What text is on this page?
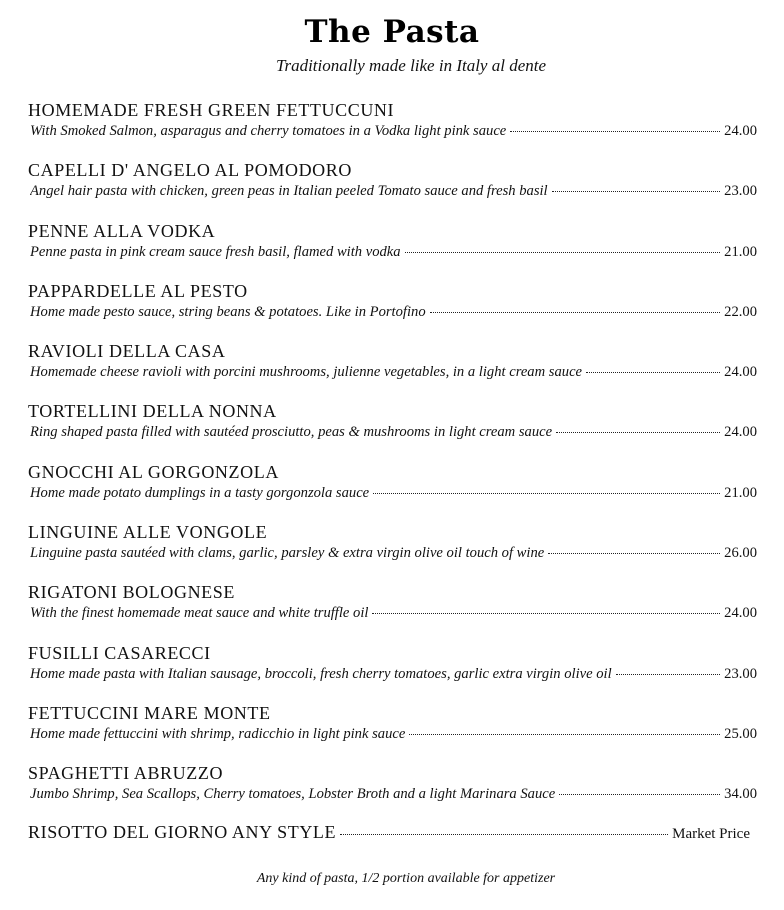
The Pasta
Traditionally made like in Italy al dente
HOMEMADE FRESH GREEN FETTUCCUNI
With Smoked Salmon, asparagus and cherry tomatoes in a Vodka light pink sauce	24.00
CAPELLI D' ANGELO AL POMODORO
Angel hair pasta with chicken, green peas in Italian peeled Tomato sauce and fresh basil	23.00
PENNE ALLA VODKA
Penne pasta in pink cream sauce fresh basil, flamed with vodka	21.00
PAPPARDELLE AL PESTO
Home made pesto sauce, string beans & potatoes. Like in Portofino	22.00
RAVIOLI DELLA CASA
Homemade cheese ravioli with porcini mushrooms, julienne vegetables, in a light cream sauce	24.00
TORTELLINI DELLA NONNA
Ring shaped pasta filled with sautéed prosciutto, peas & mushrooms in light cream sauce	24.00
GNOCCHI AL GORGONZOLA
Home made potato dumplings in a tasty gorgonzola sauce	21.00
LINGUINE ALLE VONGOLE
Linguine pasta sautéed with clams, garlic, parsley & extra virgin olive oil touch of wine	26.00
RIGATONI BOLOGNESE
With the finest homemade meat sauce and white truffle oil	24.00
FUSILLI CASARECCI
Home made pasta with Italian sausage, broccoli, fresh cherry tomatoes, garlic extra virgin olive oil	23.00
FETTUCCINI MARE MONTE
Home made fettuccini with shrimp, radicchio in light pink sauce	25.00
SPAGHETTI ABRUZZO
Jumbo Shrimp, Sea Scallops, Cherry tomatoes, Lobster Broth and a light Marinara Sauce	34.00
RISOTTO DEL GIORNO ANY STYLE	Market Price
Any kind of pasta, 1/2 portion available for appetizer
